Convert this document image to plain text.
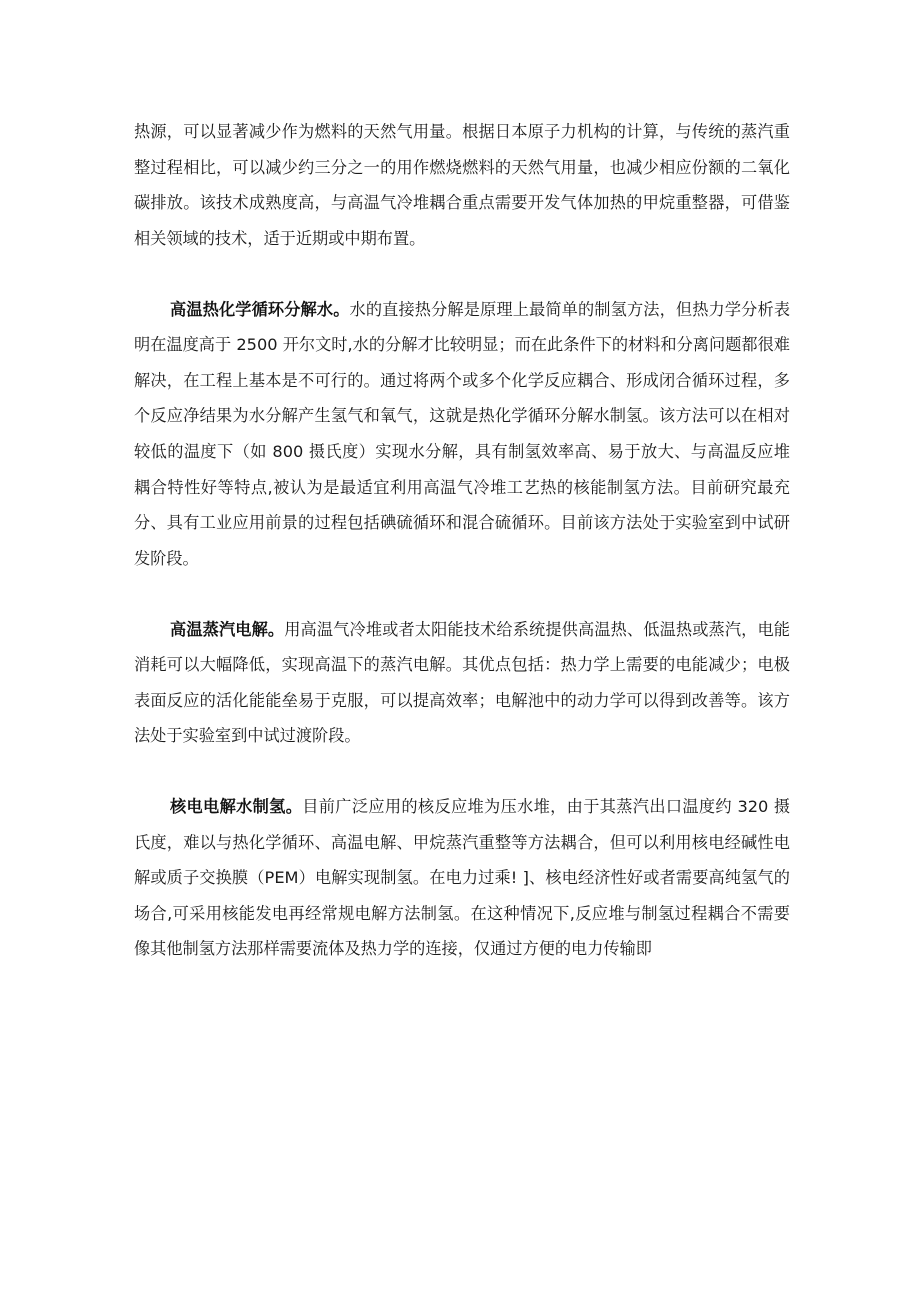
热源，可以显著减少作为燃料的天然气用量。根据日本原子力机构的计算，与传统的蒸汽重整过程相比，可以减少约三分之一的用作燃烧燃料的天然气用量，也减少相应份额的二氧化碳排放。该技术成熟度高，与高温气冷堆耦合重点需要开发气体加热的甲烷重整器，可借鉴相关领域的技术，适于近期或中期布置。

高温热化学循环分解水。水的直接热分解是原理上最简单的制氢方法，但热力学分析表明在温度高于 2500 开尔文时,水的分解才比较明显；而在此条件下的材料和分离问题都很难解决，在工程上基本是不可行的。通过将两个或多个化学反应耦合、形成闭合循环过程，多个反应净结果为水分解产生氢气和氧气，这就是热化学循环分解水制氢。该方法可以在相对较低的温度下（如 800 摄氏度）实现水分解，具有制氢效率高、易于放大、与高温反应堆耦合特性好等特点,被认为是最适宜利用高温气冷堆工艺热的核能制氢方法。目前研究最充分、具有工业应用前景的过程包括碘硫循环和混合硫循环。目前该方法处于实验室到中试研发阶段。

高温蒸汽电解。用高温气冷堆或者太阳能技术给系统提供高温热、低温热或蒸汽，电能消耗可以大幅降低，实现高温下的蒸汽电解。其优点包括：热力学上需要的电能减少；电极表面反应的活化能能垒易于克服，可以提高效率；电解池中的动力学可以得到改善等。该方法处于实验室到中试过渡阶段。

核电电解水制氢。目前广泛应用的核反应堆为压水堆，由于其蒸汽出口温度约 320 摄氏度，难以与热化学循环、高温电解、甲烷蒸汽重整等方法耦合，但可以利用核电经碱性电解或质子交换膜（PEM）电解实现制氢。在电力过乘! ]、核电经济性好或者需要高纯氢气的场合,可采用核能发电再经常规电解方法制氢。在这种情况下,反应堆与制氢过程耦合不需要像其他制氢方法那样需要流体及热力学的连接，仅通过方便的电力传输即
